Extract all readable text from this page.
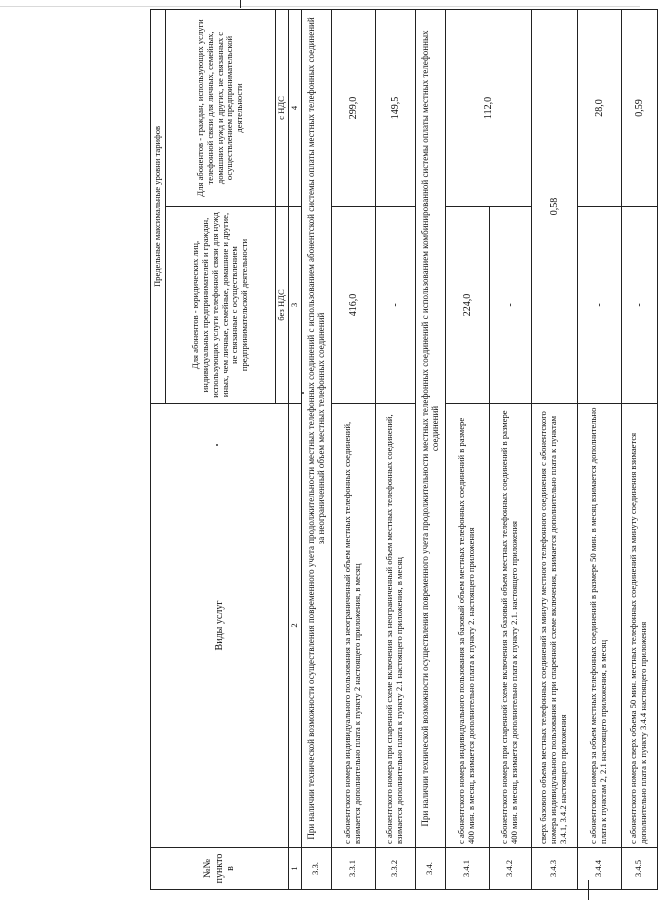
№№ пункто в	Виды услуг	Предельные максимальные уровни тарифов	
		Для абонентов - юридических лиц, индивидуальных предпринимателей и граждан, использующих услуги телефонной связи для нужд иных, чем личные, семейные, домашние и другие, не связанные с осуществлением предпринимательской деятельности	Для абонентов - граждан, использующих услуги телефонной связи для личных, семейных, домашних нужд и других, не связанных с осуществлением предпринимательской деятельности
		без НДС	с НДС
1	2	3	4
3.3.	При наличии технической возможности осуществления повременного учета продолжительности местных телефонных соединений с использованием абонентской системы оплаты местных телефонных соединений за неограниченный объем местных телефонных соединений		
3.3.1	с абонентского номера индивидуального пользования за неограниченный объем местных телефонных соединений, взимается дополнительно плата к пункту 2 настоящего приложения, в месяц	416,0	299,0
3.3.2	с абонентского номера при спаренной схеме включения за неограниченный объем местных телефонных соединений, взимается дополнительно плата к пункту 2.1 настоящего приложения, в месяц	-	149,5
3.4.	При наличии технической возможности осуществления повременного учета продолжительности местных телефонных соединений с использованием комбинированной системы оплаты местных телефонных соединений		
3.4.1	с абонентского номера индивидуального пользования за базовый объем местных телефонных соединений в размере 400 мин. в месяц, взимается дополнительно плата к пункту 2. настоящего приложения	224,0	112,0
3.4.2	с абонентского номера при спаренной схеме включения за базовый объем местных телефонных соединений в размере 400 мин. в месяц, взимается дополнительно плата к пункту 2.1. настоящего приложения	-	
3.4.3	сверх базового объема местных телефонных соединений за минуту местного телефонного соединения с абонентского номера индивидуального пользования и при спаренной схеме включения, взимается дополнительно плата к пунктам 3.4.1, 3.4.2 настоящего приложения	0,58	
3.4.4	с абонентского номера за объем местных телефонных соединений в размере 50 мин. в месяц взимается дополнительно плата к пунктам 2, 2.1 настоящего приложения, в месяц	-	28,0
3.4.5	с абонентского номера сверх объема 50 мин. местных телефонных соединений за минуту соединения взимается дополнительно плата к пункту 3.4.4 настоящего приложения	-	0,59
